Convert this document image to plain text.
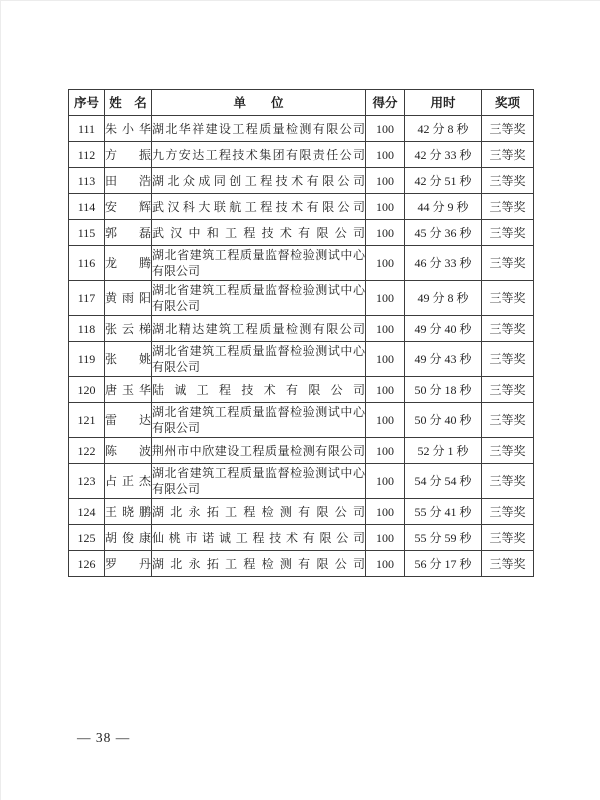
序号	姓　名	单　　位	得分	用时	奖项
111	朱小华	湖北华祥建设工程质量检测有限公司	100	42 分 8 秒	三等奖
112	方振	九方安达工程技术集团有限责任公司	100	42 分 33 秒	三等奖
113	田浩	湖北众成同创工程技术有限公司	100	42 分 51 秒	三等奖
114	安辉	武汉科大联航工程技术有限公司	100	44 分 9 秒	三等奖
115	郭磊	武汉中和工程技术有限公司	100	45 分 36 秒	三等奖
116	龙腾	湖北省建筑工程质量监督检验测试中心有限公司	100	46 分 33 秒	三等奖
117	黄雨阳	湖北省建筑工程质量监督检验测试中心有限公司	100	49 分 8 秒	三等奖
118	张云梯	湖北精达建筑工程质量检测有限公司	100	49 分 40 秒	三等奖
119	张姚	湖北省建筑工程质量监督检验测试中心有限公司	100	49 分 43 秒	三等奖
120	唐玉华	陆诚工程技术有限公司	100	50 分 18 秒	三等奖
121	雷达	湖北省建筑工程质量监督检验测试中心有限公司	100	50 分 40 秒	三等奖
122	陈波	荆州市中欣建设工程质量检测有限公司	100	52 分 1 秒	三等奖
123	占正杰	湖北省建筑工程质量监督检验测试中心有限公司	100	54 分 54 秒	三等奖
124	王晓鹏	湖北永拓工程检测有限公司	100	55 分 41 秒	三等奖
125	胡俊康	仙桃市诺诚工程技术有限公司	100	55 分 59 秒	三等奖
126	罗丹	湖北永拓工程检测有限公司	100	56 分 17 秒	三等奖
— 38 —
